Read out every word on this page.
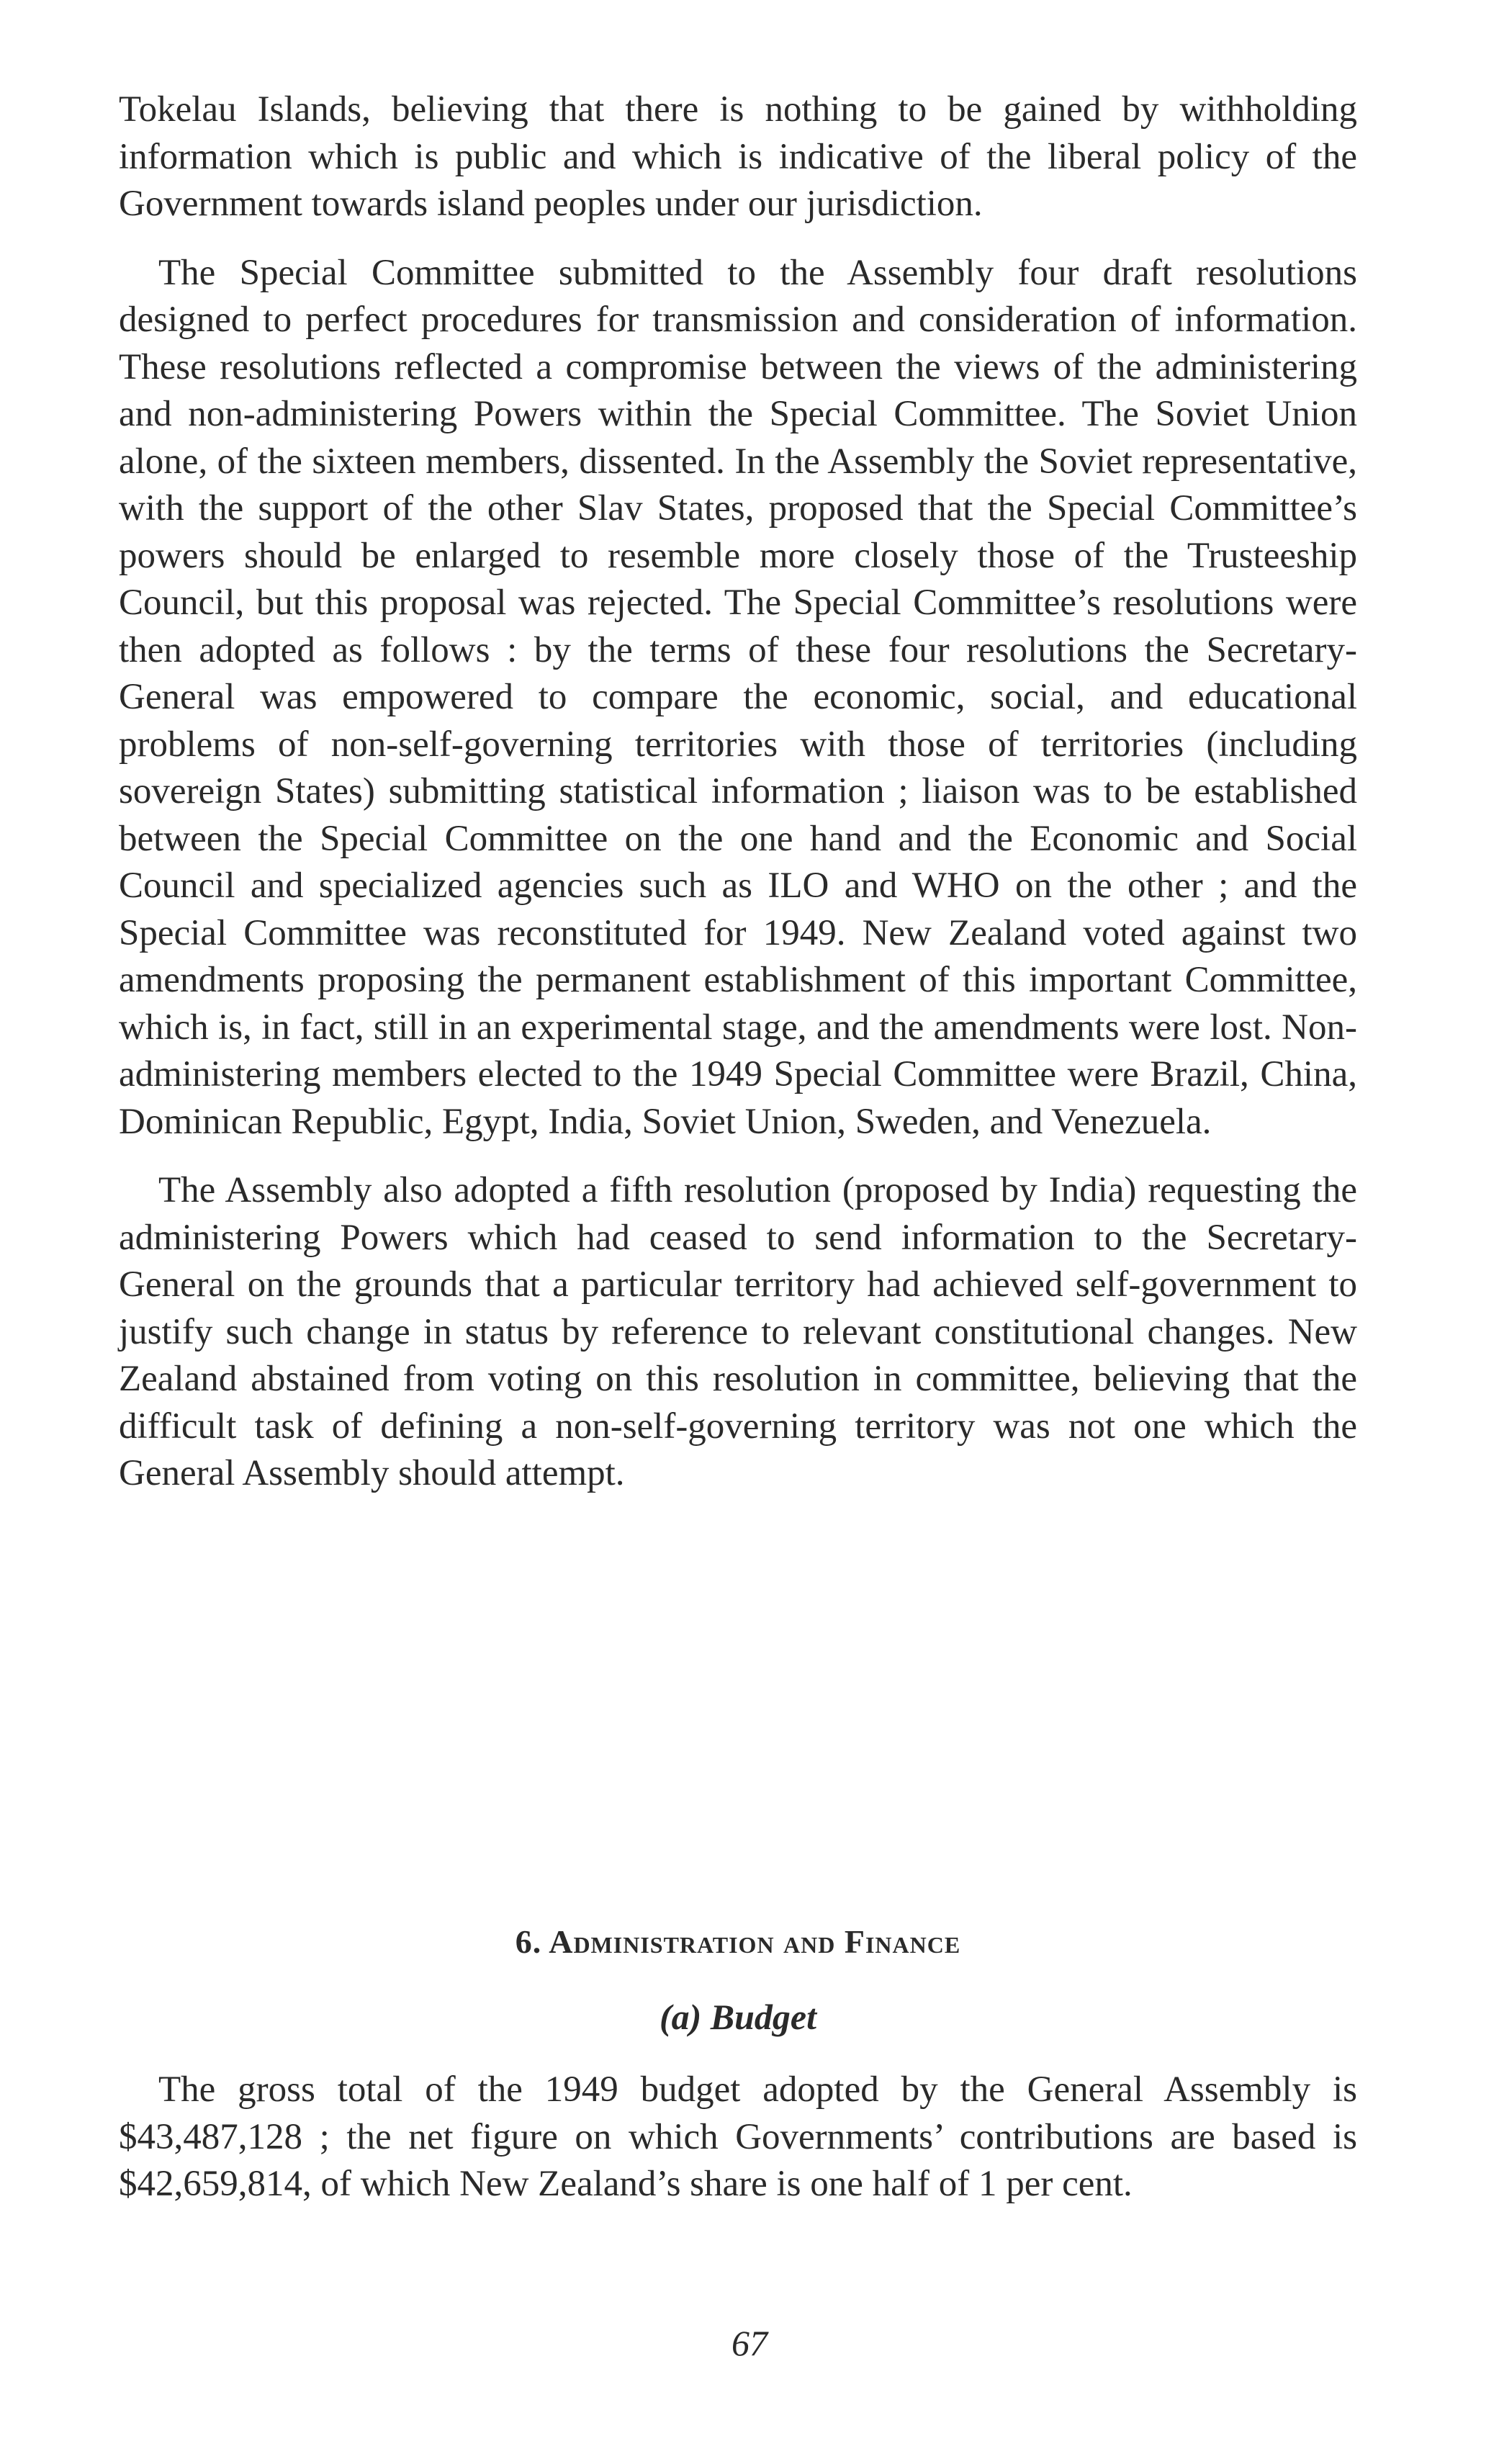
Tokelau Islands, believing that there is nothing to be gained by withholding information which is public and which is indicative of the liberal policy of the Government towards island peoples under our jurisdiction.

The Special Committee submitted to the Assembly four draft resolutions designed to perfect procedures for transmission and consideration of information. These resolutions reflected a compromise between the views of the administering and non-administering Powers within the Special Committee. The Soviet Union alone, of the sixteen members, dissented. In the Assembly the Soviet representative, with the support of the other Slav States, proposed that the Special Committee’s powers should be enlarged to resemble more closely those of the Trusteeship Council, but this proposal was rejected. The Special Committee’s resolutions were then adopted as follows : by the terms of these four resolutions the Secretary-General was empowered to compare the economic, social, and educational problems of non-self-governing territories with those of territories (including sovereign States) submitting statistical information ; liaison was to be established between the Special Committee on the one hand and the Economic and Social Council and specialized agencies such as ILO and WHO on the other ; and the Special Committee was reconstituted for 1949. New Zealand voted against two amendments proposing the permanent establishment of this important Committee, which is, in fact, still in an experimental stage, and the amendments were lost. Non-administering members elected to the 1949 Special Committee were Brazil, China, Dominican Republic, Egypt, India, Soviet Union, Sweden, and Venezuela.

The Assembly also adopted a fifth resolution (proposed by India) requesting the administering Powers which had ceased to send information to the Secretary-General on the grounds that a particular territory had achieved self-government to justify such change in status by reference to relevant constitutional changes. New Zealand abstained from voting on this resolution in committee, believing that the difficult task of defining a non-self-governing territory was not one which the General Assembly should attempt.

6. Administration and Finance
(a) Budget

The gross total of the 1949 budget adopted by the General Assembly is $43,487,128 ; the net figure on which Governments’ contributions are based is $42,659,814, of which New Zealand’s share is one half of 1 per cent.

67
